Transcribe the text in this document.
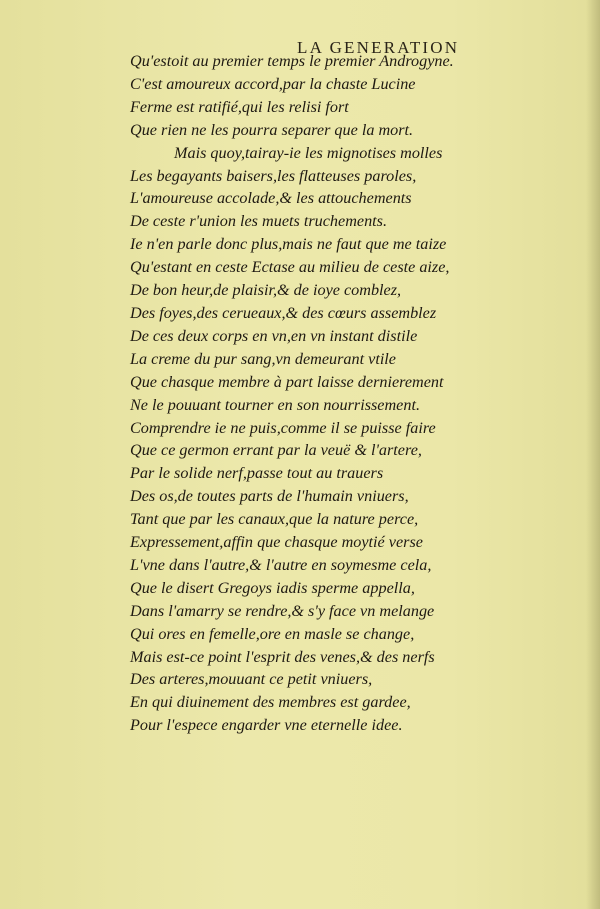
LA GENERATION
Qu'estoit au premier temps le premier Androgyne.
C'est amoureux accord,par la chaste Lucine
Ferme est ratifié,qui les relisi fort
Que rien ne les pourra separer que la mort.
Mais quoy,tairay-ie les mignotises molles
Les begayants baisers,les flatteuses paroles,
L'amoureuse accolade,& les attouchements
De ceste r'union les muets truchements.
Ie n'en parle donc plus,mais ne faut que me taize
Qu'estant en ceste Ectase au milieu de ceste aize,
De bon heur,de plaisir,& de ioye comblez,
Des foyes,des cerueaux,& des cœurs assemblez
De ces deux corps en vn,en vn instant distile
La creme du pur sang,vn demeurant vtile
Que chasque membre à part laisse dernierement
Ne le pouuant tourner en son nourrissement.
Comprendre ie ne puis,comme il se puisse faire
Que ce germon errant par la veuë & l'artere,
Par le solide nerf,passe tout au trauers
Des os,de toutes parts de l'humain vniuers,
Tant que par les canaux,que la nature perce,
Expressement,affin que chasque moytié verse
L'vne dans l'autre,& l'autre en soymesme cela,
Que le disert Gregoys iadis sperme appella,
Dans l'amarry se rendre,& s'y face vn melange
Qui ores en femelle,ore en masle se change,
Mais est-ce point l'esprit des venes,& des nerfs
Des arteres,mouuant ce petit vniuers,
En qui diuinement des membres est gardee,
Pour l'espece engarder vne eternelle idee.
